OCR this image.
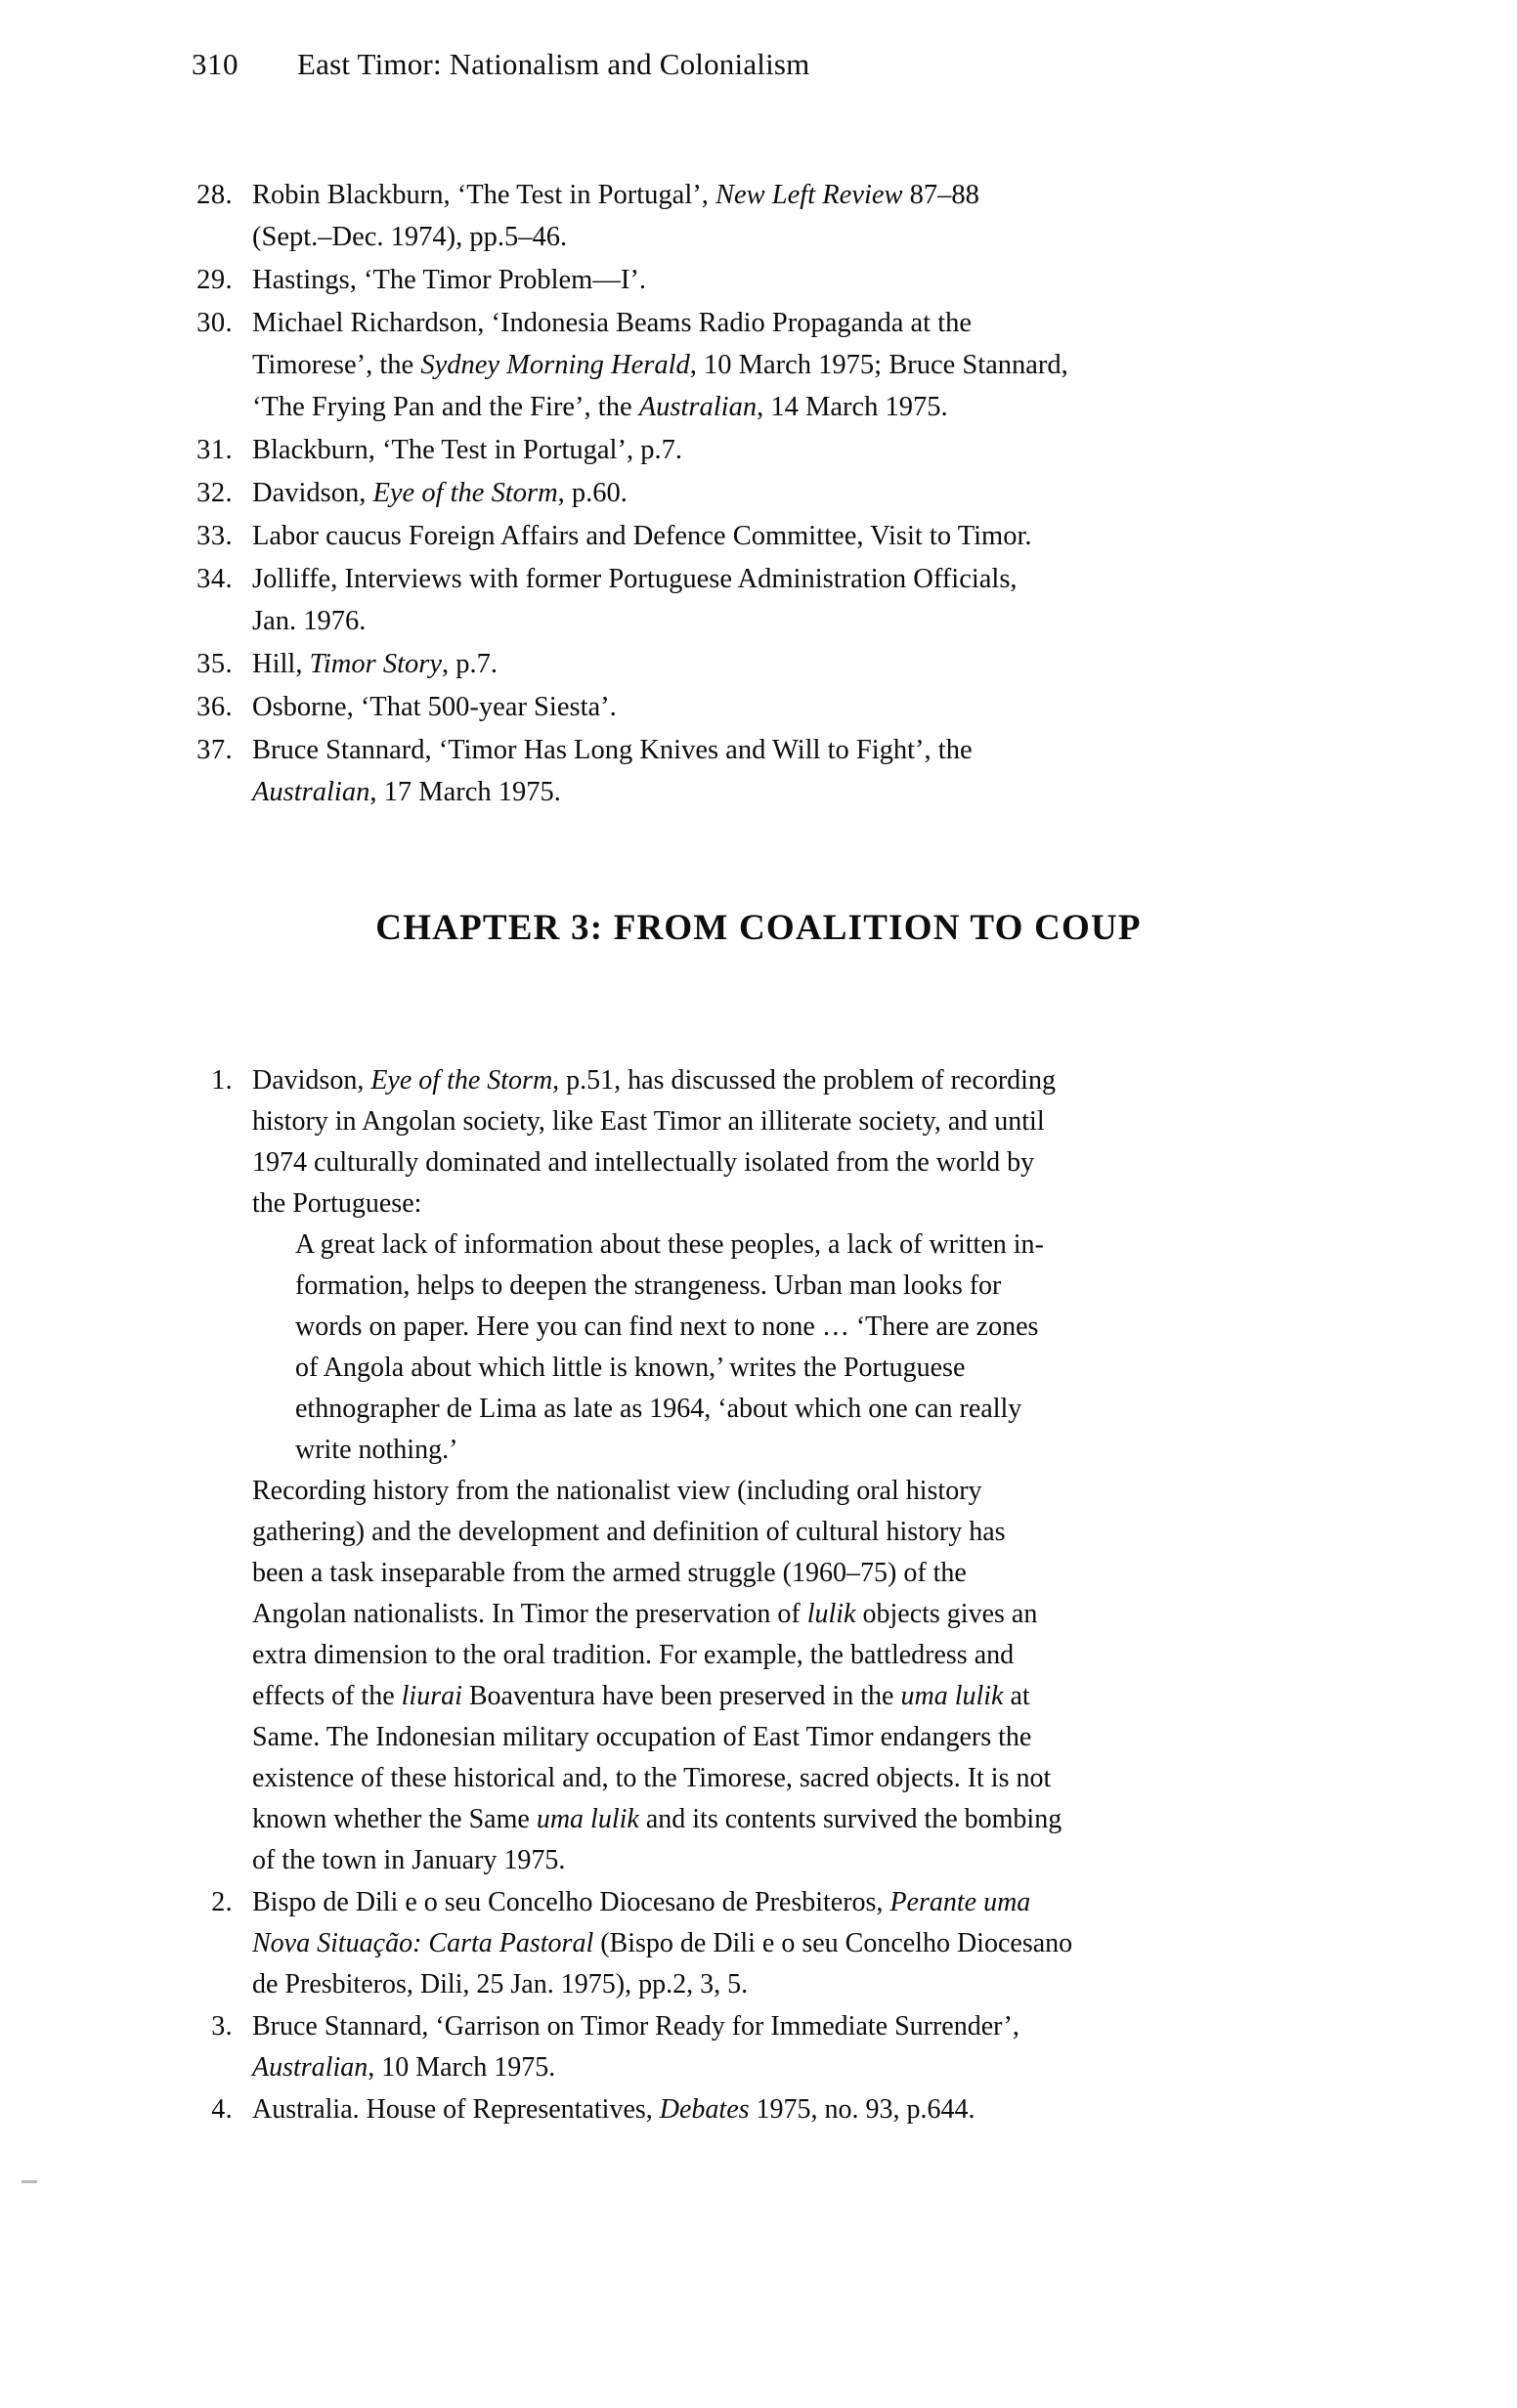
310	East Timor: Nationalism and Colonialism
28. Robin Blackburn, ‘The Test in Portugal’, New Left Review 87–88

(Sept.–Dec. 1974), pp.5–46.

29. Hastings, ‘The Timor Problem—I’.

30. Michael Richardson, ‘Indonesia Beams Radio Propaganda at the

Timorese’, the Sydney Morning Herald, 10 March 1975; Bruce Stannard,

‘The Frying Pan and the Fire’, the Australian, 14 March 1975.

31. Blackburn, ‘The Test in Portugal’, p.7.

32. Davidson, Eye of the Storm, p.60.

33. Labor caucus Foreign Affairs and Defence Committee, Visit to Timor.

34. Jolliffe, Interviews with former Portuguese Administration Officials,

Jan. 1976.

35. Hill, Timor Story, p.7.

36. Osborne, ‘That 500-year Siesta’.

37. Bruce Stannard, ‘Timor Has Long Knives and Will to Fight’, the

Australian, 17 March 1975.

CHAPTER 3: FROM COALITION TO COUP
1. Davidson, Eye of the Storm, p.51, has discussed the problem of recording

history in Angolan society, like East Timor an illiterate society, and until

1974 culturally dominated and intellectually isolated from the world by

the Portuguese:

A great lack of information about these peoples, a lack of written in-

formation, helps to deepen the strangeness. Urban man looks for

words on paper. Here you can find next to none … ‘There are zones

of Angola about which little is known,’ writes the Portuguese

ethnographer de Lima as late as 1964, ‘about which one can really

write nothing.’

Recording history from the nationalist view (including oral history

gathering) and the development and definition of cultural history has

been a task inseparable from the armed struggle (1960–75) of the

Angolan nationalists. In Timor the preservation of lulik objects gives an

extra dimension to the oral tradition. For example, the battledress and

effects of the liurai Boaventura have been preserved in the uma lulik at

Same. The Indonesian military occupation of East Timor endangers the

existence of these historical and, to the Timorese, sacred objects. It is not

known whether the Same uma lulik and its contents survived the bombing

of the town in January 1975.

2. Bispo de Dili e o seu Concelho Diocesano de Presbiteros, Perante uma

Nova Situação: Carta Pastoral (Bispo de Dili e o seu Concelho Diocesano

de Presbiteros, Dili, 25 Jan. 1975), pp.2, 3, 5.

3. Bruce Stannard, ‘Garrison on Timor Ready for Immediate Surrender’,

Australian, 10 March 1975.

4. Australia. House of Representatives, Debates 1975, no. 93, p.644.
